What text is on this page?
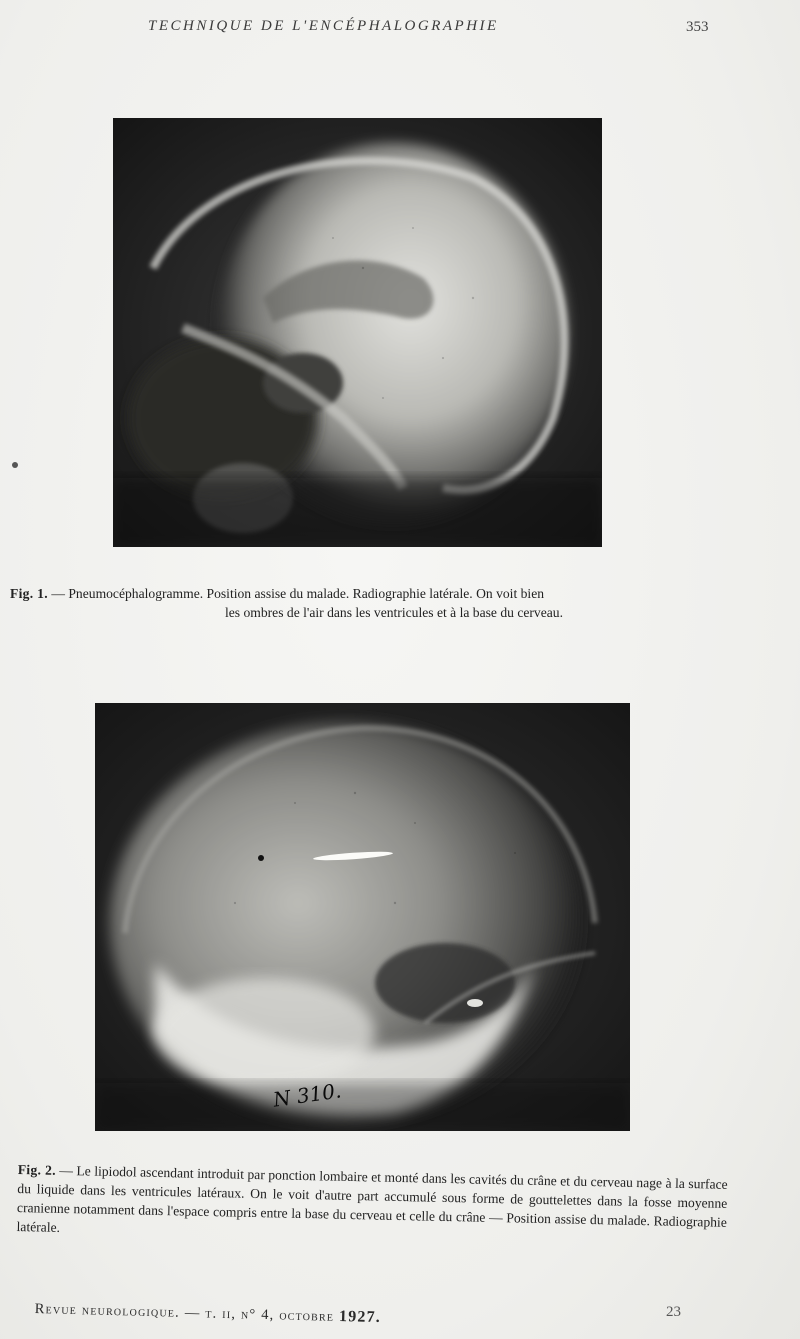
TECHNIQUE DE L'ENCÉPHALOGRAPHIE	353
Fig. 1. — Pneumocéphalogramme. Position assise du malade. Radiographie latérale. On voit bien
les ombres de l'air dans les ventricules et à la base du cerveau.
N 310.
Fig. 2. — Le lipiodol ascendant introduit par ponction lombaire et monté dans les cavités du crâne et du cerveau nage à la surface du liquide dans les ventricules latéraux. On le voit d'autre part accumulé sous forme de gouttelettes dans la fosse moyenne cranienne notamment dans l'espace compris entre la base du cerveau et celle du crâne — Position assise du malade. Radiographie latérale.
Revue neurologique. — t. ii, n° 4, octobre 1927.	23
